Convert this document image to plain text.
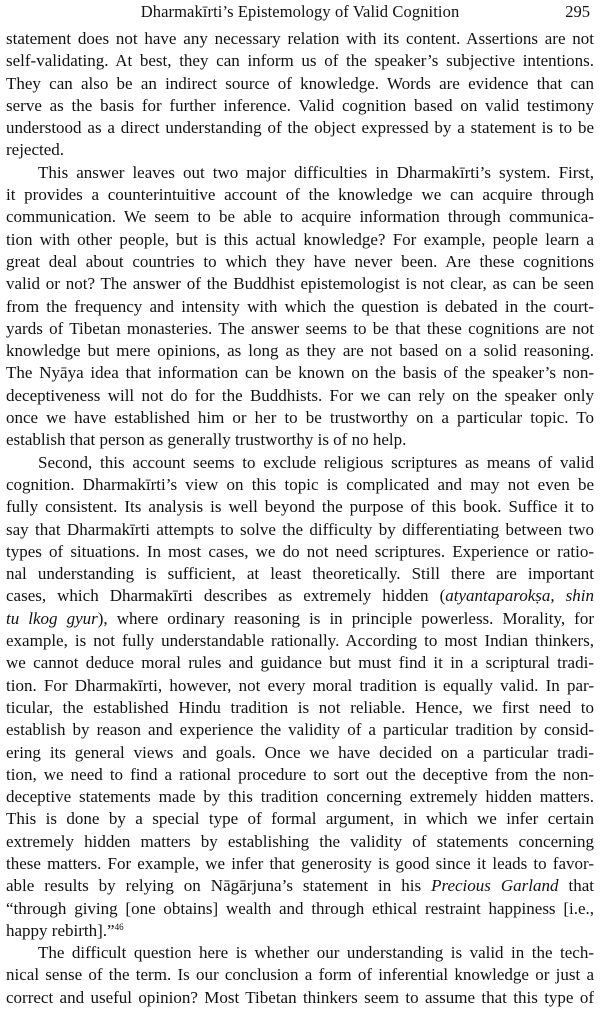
Dharmakīrti’s Epistemology of Valid Cognition	295
statement does not have any necessary relation with its content. Assertions are not
self-validating. At best, they can inform us of the speaker’s subjective intentions.
They can also be an indirect source of knowledge. Words are evidence that can
serve as the basis for further inference. Valid cognition based on valid testimony
understood as a direct understanding of the object expressed by a statement is to be
rejected.
This answer leaves out two major difficulties in Dharmakīrti’s system. First,
it provides a counterintuitive account of the knowledge we can acquire through
communication. We seem to be able to acquire information through communica-
tion with other people, but is this actual knowledge? For example, people learn a
great deal about countries to which they have never been. Are these cognitions
valid or not? The answer of the Buddhist epistemologist is not clear, as can be seen
from the frequency and intensity with which the question is debated in the court-
yards of Tibetan monasteries. The answer seems to be that these cognitions are not
knowledge but mere opinions, as long as they are not based on a solid reasoning.
The Nyāya idea that information can be known on the basis of the speaker’s non-
deceptiveness will not do for the Buddhists. For we can rely on the speaker only
once we have established him or her to be trustworthy on a particular topic. To
establish that person as generally trustworthy is of no help.
Second, this account seems to exclude religious scriptures as means of valid
cognition. Dharmakīrti’s view on this topic is complicated and may not even be
fully consistent. Its analysis is well beyond the purpose of this book. Suffice it to
say that Dharmakīrti attempts to solve the difficulty by differentiating between two
types of situations. In most cases, we do not need scriptures. Experience or ratio-
nal understanding is sufficient, at least theoretically. Still there are important
cases, which Dharmakīrti describes as extremely hidden (atyantaparokṣa, shin
tu lkog gyur), where ordinary reasoning is in principle powerless. Morality, for
example, is not fully understandable rationally. According to most Indian thinkers,
we cannot deduce moral rules and guidance but must find it in a scriptural tradi-
tion. For Dharmakīrti, however, not every moral tradition is equally valid. In par-
ticular, the established Hindu tradition is not reliable. Hence, we first need to
establish by reason and experience the validity of a particular tradition by consid-
ering its general views and goals. Once we have decided on a particular tradi-
tion, we need to find a rational procedure to sort out the deceptive from the non-
deceptive statements made by this tradition concerning extremely hidden matters.
This is done by a special type of formal argument, in which we infer certain
extremely hidden matters by establishing the validity of statements concerning
these matters. For example, we infer that generosity is good since it leads to favor-
able results by relying on Nāgārjuna’s statement in his Precious Garland that
“through giving [one obtains] wealth and through ethical restraint happiness [i.e.,
happy rebirth].”$^{46}$
The difficult question here is whether our understanding is valid in the tech-
nical sense of the term. Is our conclusion a form of inferential knowledge or just a
correct and useful opinion? Most Tibetan thinkers seem to assume that this type of
